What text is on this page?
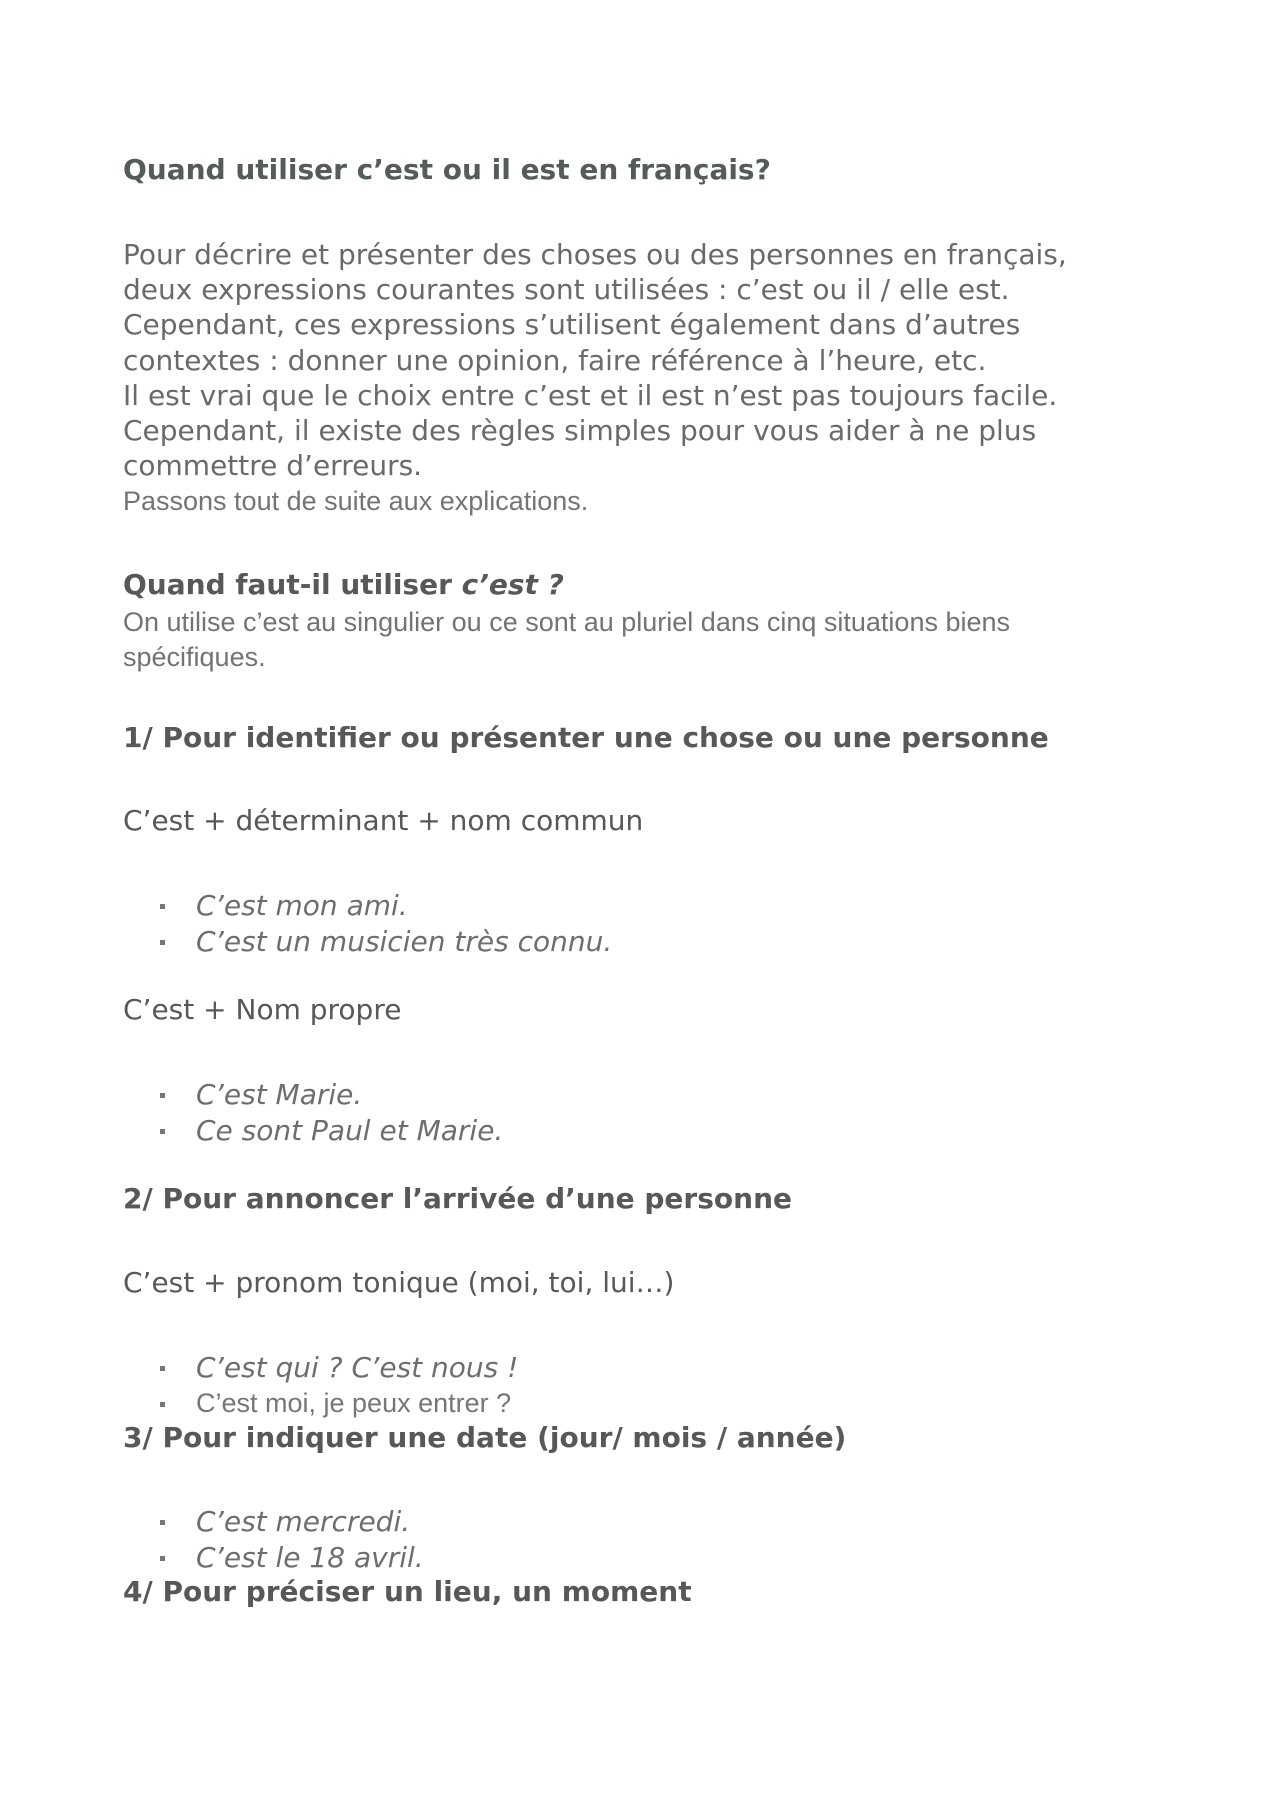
Quand utiliser c’est ou il est en français?
Pour décrire et présenter des choses ou des personnes en français,
deux expressions courantes sont utilisées : c’est ou il / elle est.
Cependant, ces expressions s’utilisent également dans d’autres
contextes : donner une opinion, faire référence à l’heure, etc.
Il est vrai que le choix entre c’est et il est n’est pas toujours facile.
Cependant, il existe des règles simples pour vous aider à ne plus
commettre d’erreurs.
Passons tout de suite aux explications.
Quand faut-il utiliser c’est ?
On utilise c’est au singulier ou ce sont au pluriel dans cinq situations biens
spécifiques.
1/ Pour identifier ou présenter une chose ou une personne

C’est + déterminant + nom commun

C’est mon ami.
C’est un musicien très connu.

C’est + Nom propre

C’est Marie.
Ce sont Paul et Marie.
2/ Pour annoncer l’arrivée d’une personne

C’est + pronom tonique (moi, toi, lui…)

C’est qui ? C’est nous !
C’est moi, je peux entrer ?
3/ Pour indiquer une date (jour/ mois / année)
C’est mercredi.
C’est le 18 avril.
4/ Pour préciser un lieu, un moment
